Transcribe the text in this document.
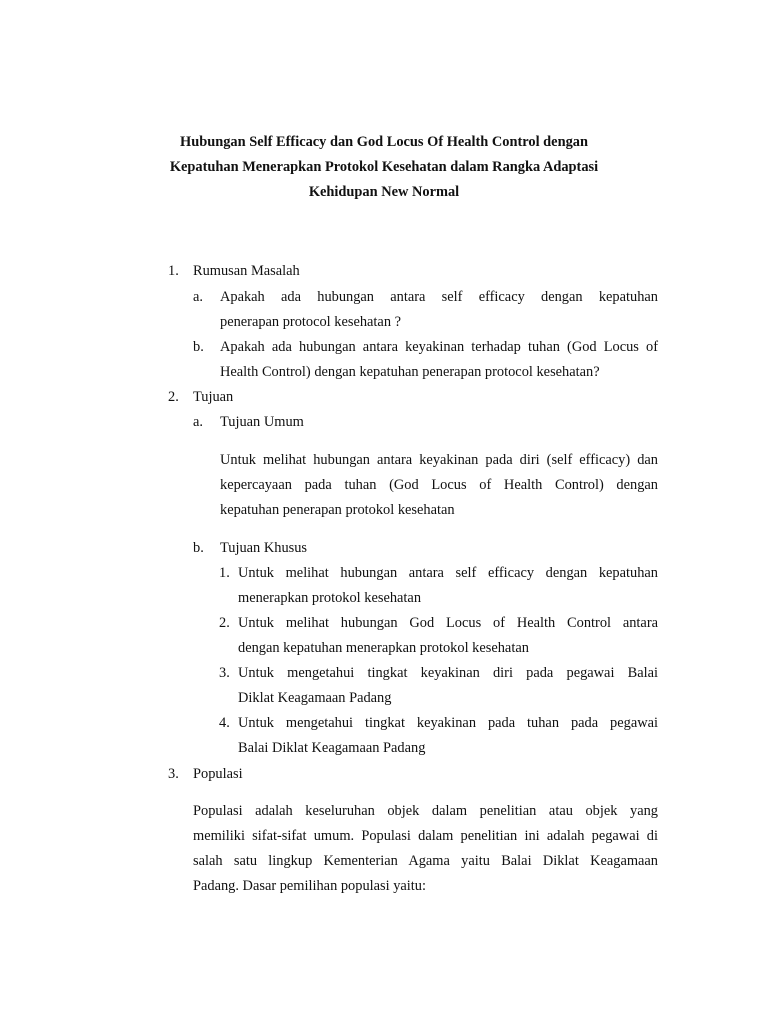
Hubungan Self Efficacy dan God Locus Of Health Control dengan
Kepatuhan Menerapkan Protokol Kesehatan dalam Rangka Adaptasi
Kehidupan New Normal
1. Rumusan Masalah
a. Apakah ada hubungan antara self efficacy dengan kepatuhan
penerapan protocol kesehatan ?
b. Apakah ada hubungan antara keyakinan terhadap tuhan (God Locus of
Health Control) dengan kepatuhan penerapan protocol kesehatan?
2. Tujuan
a. Tujuan Umum
Untuk melihat hubungan antara keyakinan pada diri (self efficacy) dan
kepercayaan pada tuhan (God Locus of Health Control) dengan
kepatuhan penerapan protokol kesehatan
b. Tujuan Khusus
1. Untuk melihat hubungan antara self efficacy dengan kepatuhan
menerapkan protokol kesehatan
2. Untuk melihat hubungan God Locus of Health Control antara
dengan kepatuhan menerapkan protokol kesehatan
3. Untuk mengetahui tingkat keyakinan diri pada pegawai Balai
Diklat Keagamaan Padang
4. Untuk mengetahui tingkat keyakinan pada tuhan pada pegawai
Balai Diklat Keagamaan Padang
3. Populasi
Populasi adalah keseluruhan objek dalam penelitian atau objek yang
memiliki sifat-sifat umum. Populasi dalam penelitian ini adalah pegawai di
salah satu lingkup Kementerian Agama yaitu Balai Diklat Keagamaan
Padang. Dasar pemilihan populasi yaitu:
